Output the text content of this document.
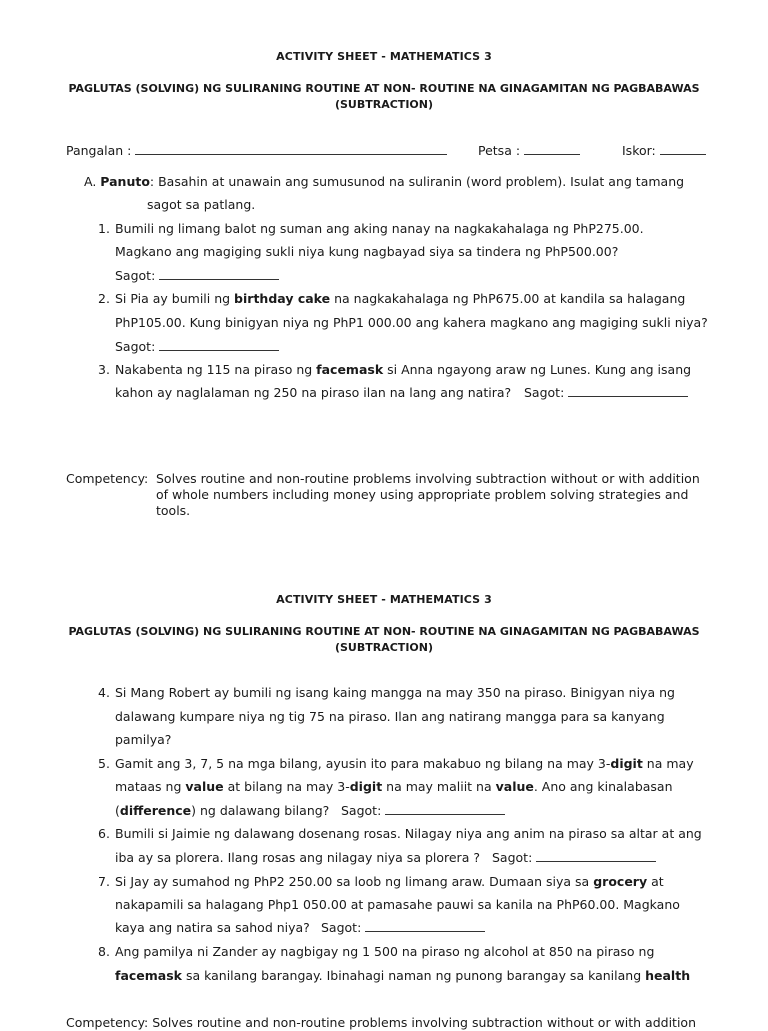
ACTIVITY SHEET - MATHEMATICS 3
PAGLUTAS (SOLVING) NG SULIRANING ROUTINE AT NON- ROUTINE NA GINAGAMITAN NG PAGBABAWAS
(SUBTRACTION)
Pangalan :	Petsa :	Iskor:
A. Panuto: Basahin at unawain ang sumusunod na suliranin (word problem). Isulat ang tamang
sagot sa patlang.
1. Bumili ng limang balot ng suman ang aking nanay na nagkakahalaga ng PhP275.00.
Magkano ang magiging sukli niya kung nagbayad siya sa tindera ng PhP500.00?
Sagot:
2. Si Pia ay bumili ng birthday cake na nagkakahalaga ng PhP675.00 at kandila sa halagang
PhP105.00. Kung binigyan niya ng PhP1 000.00 ang kahera magkano ang magiging sukli niya?
Sagot:
3. Nakabenta ng 115 na piraso ng facemask si Anna ngayong araw ng Lunes. Kung ang isang
kahon ay naglalaman ng 250 na piraso ilan na lang ang natira? Sagot:
Competency: Solves routine and non-routine problems involving subtraction without or with addition
of whole numbers including money using appropriate problem solving strategies and
tools.
ACTIVITY SHEET - MATHEMATICS 3
PAGLUTAS (SOLVING) NG SULIRANING ROUTINE AT NON- ROUTINE NA GINAGAMITAN NG PAGBABAWAS
(SUBTRACTION)
4. Si Mang Robert ay bumili ng isang kaing mangga na may 350 na piraso. Binigyan niya ng
dalawang kumpare niya ng tig 75 na piraso. Ilan ang natirang mangga para sa kanyang
pamilya?
5. Gamit ang 3, 7, 5 na mga bilang, ayusin ito para makabuo ng bilang na may 3-digit na may
mataas ng value at bilang na may 3-digit na may maliit na value. Ano ang kinalabasan
(difference) ng dalawang bilang? Sagot:
6. Bumili si Jaimie ng dalawang dosenang rosas. Nilagay niya ang anim na piraso sa altar at ang
iba ay sa plorera. Ilang rosas ang nilagay niya sa plorera ? Sagot:
7. Si Jay ay sumahod ng PhP2 250.00 sa loob ng limang araw. Dumaan siya sa grocery at
nakapamili sa halagang Php1 050.00 at pamasahe pauwi sa kanila na PhP60.00. Magkano
kaya ang natira sa sahod niya? Sagot:
8. Ang pamilya ni Zander ay nagbigay ng 1 500 na piraso ng alcohol at 850 na piraso ng
facemask sa kanilang barangay. Ibinahagi naman ng punong barangay sa kanilang health
Competency: Solves routine and non-routine problems involving subtraction without or with addition
